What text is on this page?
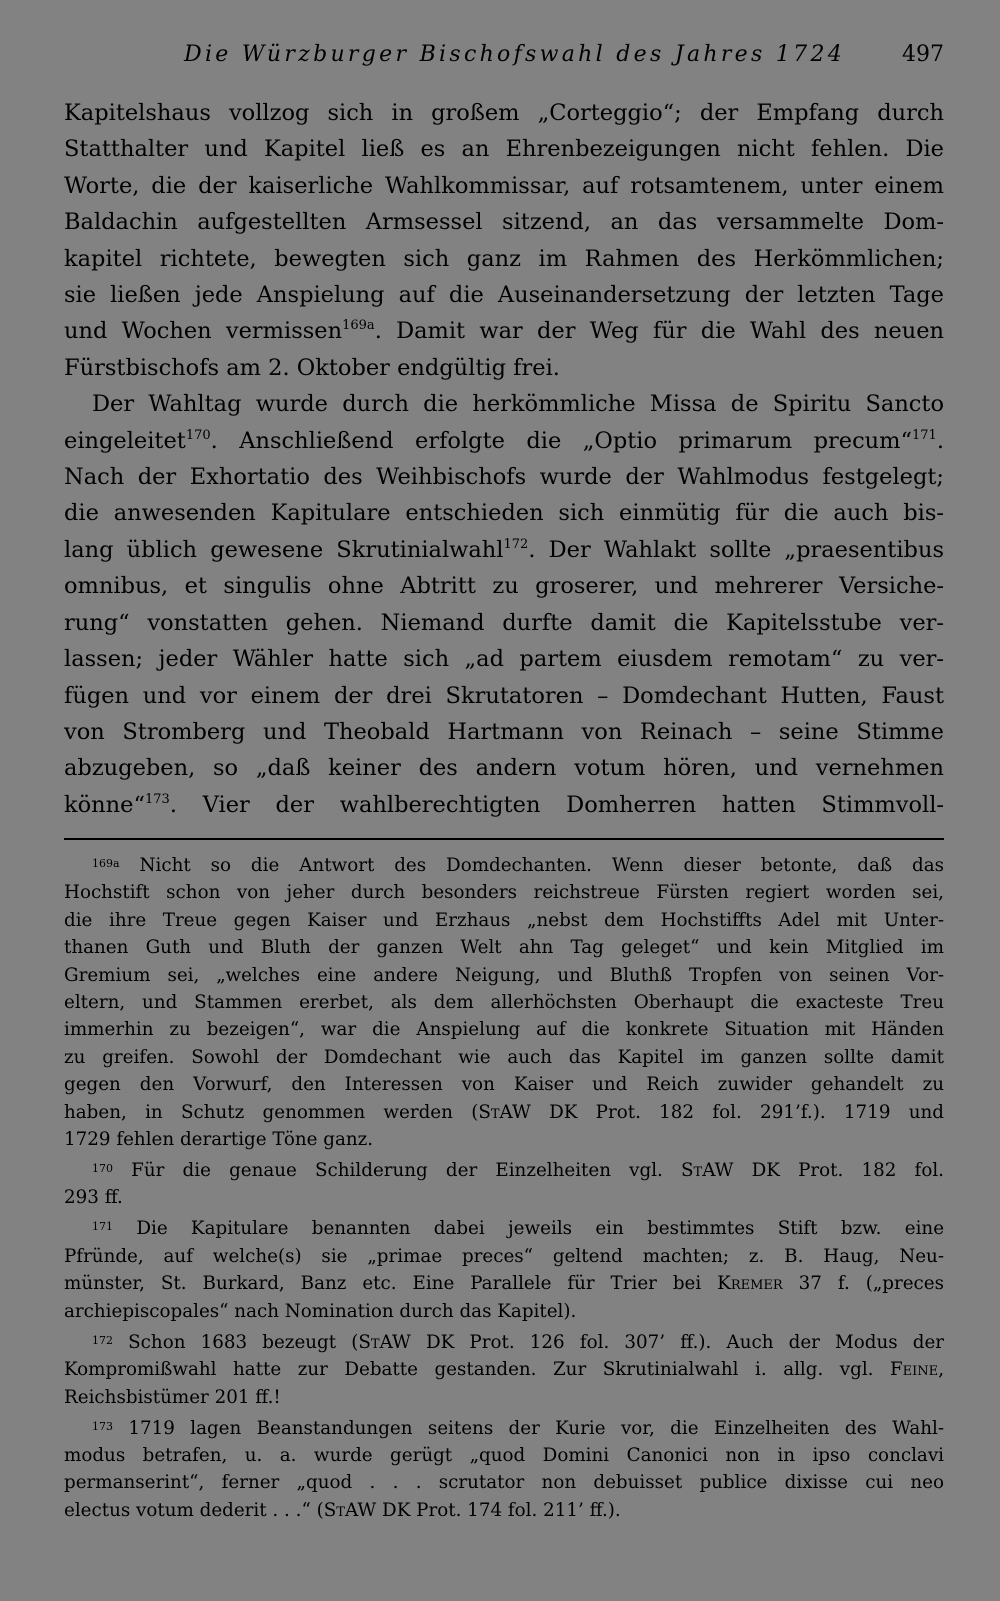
Die Würzburger Bischofswahl des Jahres 1724	497

Kapitelshaus vollzog sich in großem „Corteggio“; der Empfang durch

Statthalter und Kapitel ließ es an Ehrenbezeigungen nicht fehlen. Die

Worte, die der kaiserliche Wahlkommissar, auf rotsamtenem, unter einem

Baldachin aufgestellten Armsessel sitzend, an das versammelte Dom-

kapitel richtete, bewegten sich ganz im Rahmen des Herkömmlichen;

sie ließen jede Anspielung auf die Auseinandersetzung der letzten Tage

und Wochen vermissen$^{169a}$. Damit war der Weg für die Wahl des neuen

Fürstbischofs am 2. Oktober endgültig frei.

Der Wahltag wurde durch die herkömmliche Missa de Spiritu Sancto

eingeleitet$^{170}$. Anschließend erfolgte die „Optio primarum precum“$^{171}$.

Nach der Exhortatio des Weihbischofs wurde der Wahlmodus festgelegt;

die anwesenden Kapitulare entschieden sich einmütig für die auch bis-

lang üblich gewesene Skrutinialwahl$^{172}$. Der Wahlakt sollte „praesentibus

omnibus, et singulis ohne Abtritt zu groserer, und mehrerer Versiche-

rung“ vonstatten gehen. Niemand durfte damit die Kapitelsstube ver-

lassen; jeder Wähler hatte sich „ad partem eiusdem remotam“ zu ver-

fügen und vor einem der drei Skrutatoren – Domdechant Hutten, Faust

von Stromberg und Theobald Hartmann von Reinach – seine Stimme

abzugeben, so „daß keiner des andern votum hören, und vernehmen

könne“$^{173}$. Vier der wahlberechtigten Domherren hatten Stimmvoll-

$^{169a}$ Nicht so die Antwort des Domdechanten. Wenn dieser betonte, daß das

Hochstift schon von jeher durch besonders reichstreue Fürsten regiert worden sei,

die ihre Treue gegen Kaiser und Erzhaus „nebst dem Hochstiffts Adel mit Unter-

thanen Guth und Bluth der ganzen Welt ahn Tag geleget“ und kein Mitglied im

Gremium sei, „welches eine andere Neigung, und Bluthß Tropfen von seinen Vor-

eltern, und Stammen ererbet, als dem allerhöchsten Oberhaupt die exacteste Treu

immerhin zu bezeigen“, war die Anspielung auf die konkrete Situation mit Händen

zu greifen. Sowohl der Domdechant wie auch das Kapitel im ganzen sollte damit

gegen den Vorwurf, den Interessen von Kaiser und Reich zuwider gehandelt zu

haben, in Schutz genommen werden (StAW DK Prot. 182 fol. 291’f.). 1719 und

1729 fehlen derartige Töne ganz.

$^{170}$ Für die genaue Schilderung der Einzelheiten vgl. StAW DK Prot. 182 fol.

293 ff.

$^{171}$ Die Kapitulare benannten dabei jeweils ein bestimmtes Stift bzw. eine

Pfründe, auf welche(s) sie „primae preces“ geltend machten; z. B. Haug, Neu-

münster, St. Burkard, Banz etc. Eine Parallele für Trier bei Kremer 37 f. („preces

archiepiscopales“ nach Nomination durch das Kapitel).

$^{172}$ Schon 1683 bezeugt (StAW DK Prot. 126 fol. 307’ ff.). Auch der Modus der

Kompromißwahl hatte zur Debatte gestanden. Zur Skrutinialwahl i. allg. vgl. Feine,

Reichsbistümer 201 ff.!

$^{173}$ 1719 lagen Beanstandungen seitens der Kurie vor, die Einzelheiten des Wahl-

modus betrafen, u. a. wurde gerügt „quod Domini Canonici non in ipso conclavi

permanserint“, ferner „quod . . . scrutator non debuisset publice dixisse cui neo

electus votum dederit . . .“ (StAW DK Prot. 174 fol. 211’ ff.).
